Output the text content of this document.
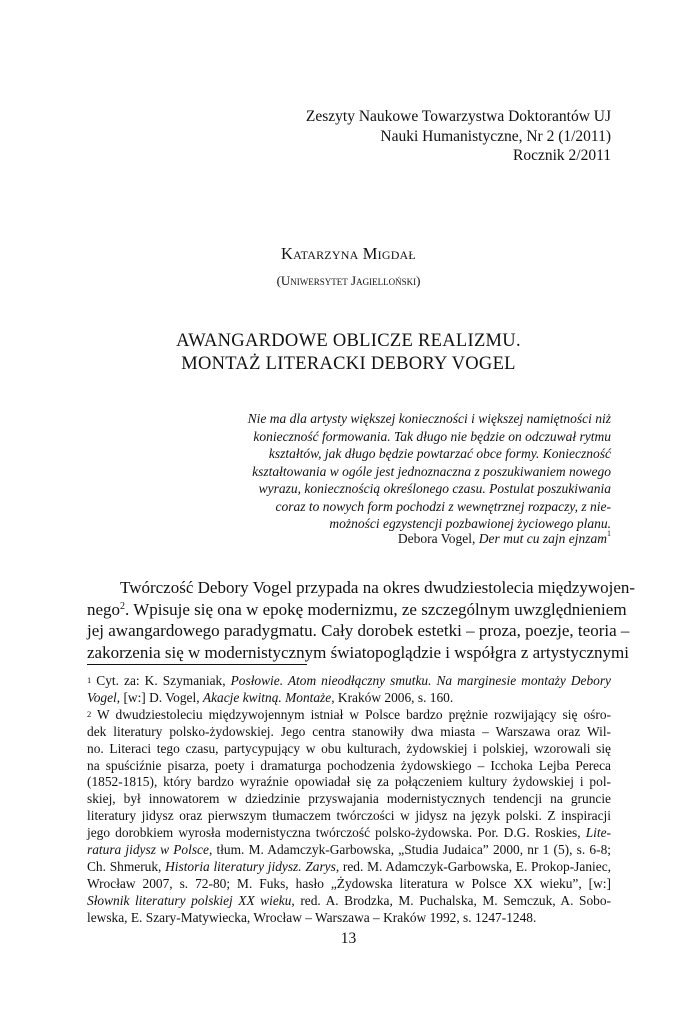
Zeszyty Naukowe Towarzystwa Doktorantów UJ
Nauki Humanistyczne, Nr 2 (1/2011)
Rocznik 2/2011
Katarzyna Migdał
(Uniwersytet Jagielloński)
AWANGARDOWE OBLICZE REALIZMU.
MONTAŻ LITERACKI DEBORY VOGEL
Nie ma dla artysty większej konieczności i większej namiętności niż
konieczność formowania. Tak długo nie będzie on odczuwał rytmu
kształtów, jak długo będzie powtarzać obce formy. Konieczność
kształtowania w ogóle jest jednoznaczna z poszukiwaniem nowego
wyrazu, koniecznością określonego czasu. Postulat poszukiwania
coraz to nowych form pochodzi z wewnętrznej rozpaczy, z nie-
możności egzystencji pozbawionej życiowego planu.
Debora Vogel, Der mut cu zajn ejnzam$^1$
Twórczość Debory Vogel przypada na okres dwudziestolecia międzywojen-
nego$^2$. Wpisuje się ona w epokę modernizmu, ze szczególnym uwzględnieniem
jej awangardowego paradygmatu. Cały dorobek estetki – proza, poezje, teoria –
zakorzenia się w modernistycznym światopoglądzie i współgra z artystycznymi
$^1$ Cyt. za: K. Szymaniak, Posłowie. Atom nieodłączny smutku. Na marginesie montaży Debory
Vogel, [w:] D. Vogel, Akacje kwitną. Montaże, Kraków 2006, s. 160.
$^2$ W dwudziestoleciu międzywojennym istniał w Polsce bardzo prężnie rozwijający się ośro-
dek literatury polsko-żydowskiej. Jego centra stanowiły dwa miasta – Warszawa oraz Wil-
no. Literaci tego czasu, partycypujący w obu kulturach, żydowskiej i polskiej, wzorowali się
na spuściźnie pisarza, poety i dramaturga pochodzenia żydowskiego – Icchoka Lejba Pereca
(1852-1815), który bardzo wyraźnie opowiadał się za połączeniem kultury żydowskiej i pol-
skiej, był innowatorem w dziedzinie przyswajania modernistycznych tendencji na gruncie
literatury jidysz oraz pierwszym tłumaczem twórczości w jidysz na język polski. Z inspiracji
jego dorobkiem wyrosła modernistyczna twórczość polsko-żydowska. Por. D.G. Roskies, Lite-
ratura jidysz w Polsce, tłum. M. Adamczyk-Garbowska, „Studia Judaica” 2000, nr 1 (5), s. 6-8;
Ch. Shmeruk, Historia literatury jidysz. Zarys, red. M. Adamczyk-Garbowska, E. Prokop-Janiec,
Wrocław 2007, s. 72-80; M. Fuks, hasło „Żydowska literatura w Polsce XX wieku”, [w:]
Słownik literatury polskiej XX wieku, red. A. Brodzka, M. Puchalska, M. Semczuk, A. Sobo-
lewska, E. Szary-Matywiecka, Wrocław – Warszawa – Kraków 1992, s. 1247-1248.
13
